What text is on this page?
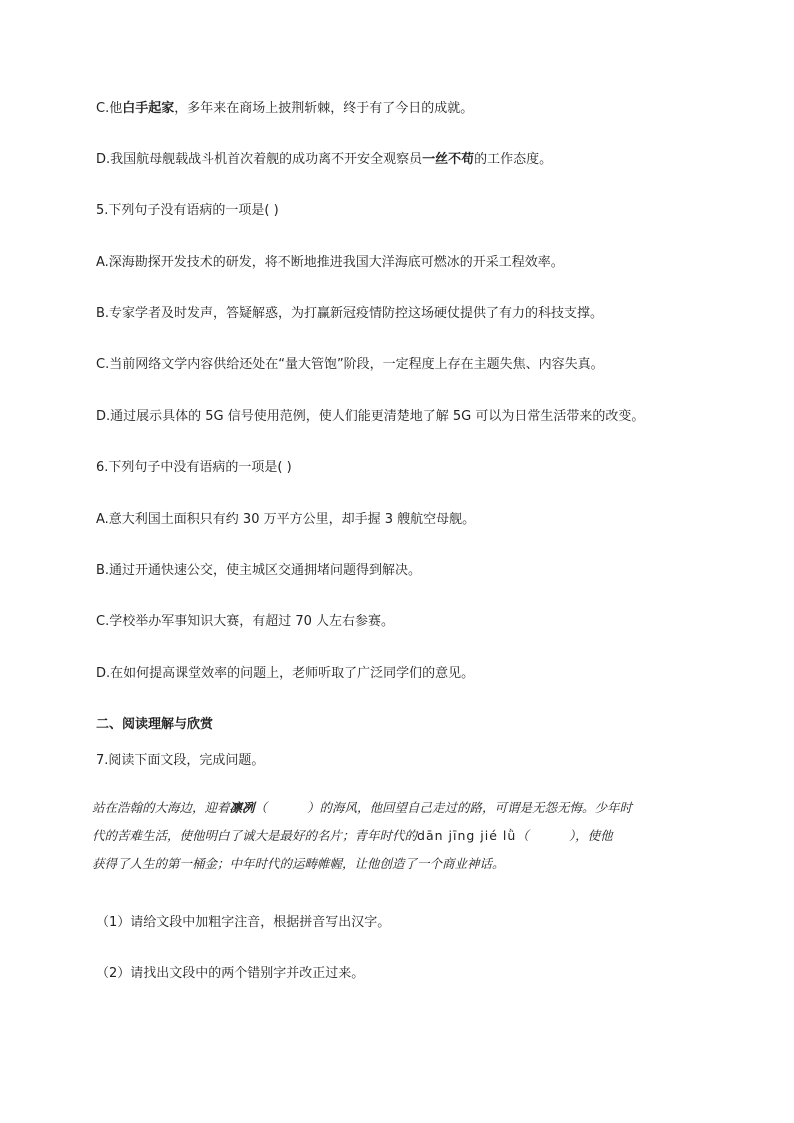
C.他白手起家，多年来在商场上披荆斩棘，终于有了今日的成就。
D.我国航母舰载战斗机首次着舰的成功离不开安全观察员一丝不苟的工作态度。
5.下列句子没有语病的一项是( )
A.深海勘探开发技术的研发，将不断地推进我国大洋海底可燃冰的开采工程效率。
B.专家学者及时发声，答疑解惑，为打赢新冠疫情防控这场硬仗提供了有力的科技支撑。
C.当前网络文学内容供给还处在“量大管饱”阶段，一定程度上存在主题失焦、内容失真。
D.通过展示具体的 5G 信号使用范例，使人们能更清楚地了解 5G 可以为日常生活带来的改变。
6.下列句子中没有语病的一项是( )
A.意大利国土面积只有约 30 万平方公里，却手握 3 艘航空母舰。
B.通过开通快速公交，使主城区交通拥堵问题得到解决。
C.学校举办军事知识大赛，有超过 70 人左右参赛。
D.在如何提高课堂效率的问题上，老师听取了广泛同学们的意见。
二、阅读理解与欣赏
7.阅读下面文段，完成问题。
站在浩翰的大海边，迎着凛冽（	）的海风，他回望自己走过的路，可谓是无怨无悔。少年时
代的苦难生活，使他明白了诚大是最好的名片；青年时代的dān jīng jié lǜ（	），使他
获得了人生的第一桶金；中年时代的运畴帷幄，让他创造了一个商业神话。
（1）请给文段中加粗字注音，根据拼音写出汉字。
（2）请找出文段中的两个错别字并改正过来。
